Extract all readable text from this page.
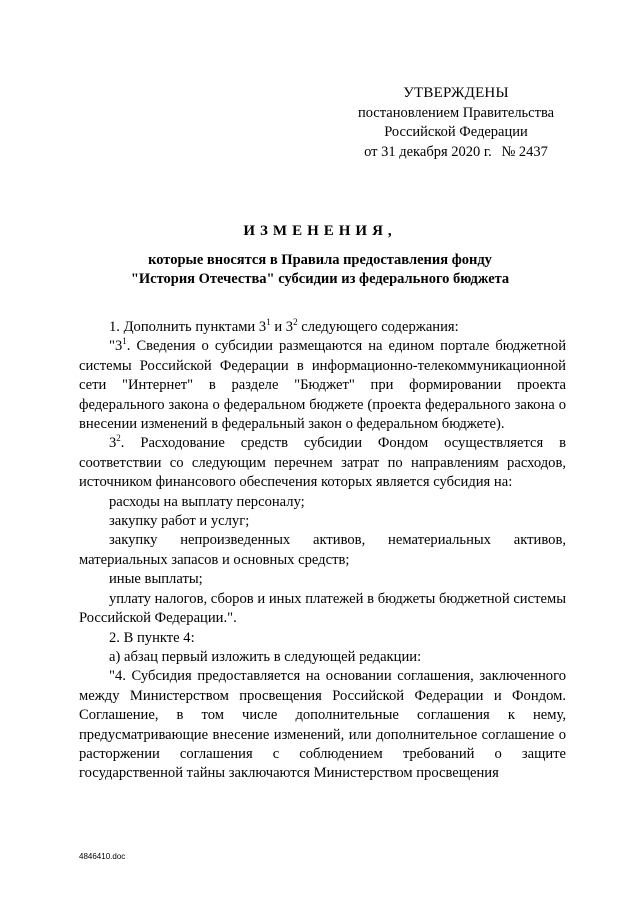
УТВЕРЖДЕНЫ
постановлением Правительства
Российской Федерации
от 31 декабря 2020 г. № 2437
ИЗМЕНЕНИЯ,
которые вносятся в Правила предоставления фонду
"История Отечества" субсидии из федерального бюджета

1. Дополнить пунктами $3^1$ и $3^2$ следующего содержания:

"$3^1$. Сведения о субсидии размещаются на едином портале бюджетной системы Российской Федерации в информационно-телекоммуникационной сети "Интернет" в разделе "Бюджет" при формировании проекта федерального закона о федеральном бюджете (проекта федерального закона о внесении изменений в федеральный закон о федеральном бюджете).

$3^2$. Расходование средств субсидии Фондом осуществляется в соответствии со следующим перечнем затрат по направлениям расходов, источником финансового обеспечения которых является субсидия на:

расходы на выплату персоналу;

закупку работ и услуг;

закупку непроизведенных активов, нематериальных активов, материальных запасов и основных средств;

иные выплаты;

уплату налогов, сборов и иных платежей в бюджеты бюджетной системы Российской Федерации.".

2. В пункте 4:

а) абзац первый изложить в следующей редакции:

"4. Субсидия предоставляется на основании соглашения, заключенного между Министерством просвещения Российской Федерации и Фондом. Соглашение, в том числе дополнительные соглашения к нему, предусматривающие внесение изменений, или дополнительное соглашение о расторжении соглашения с соблюдением требований о защите государственной тайны заключаются Министерством просвещения

4846410.doc
